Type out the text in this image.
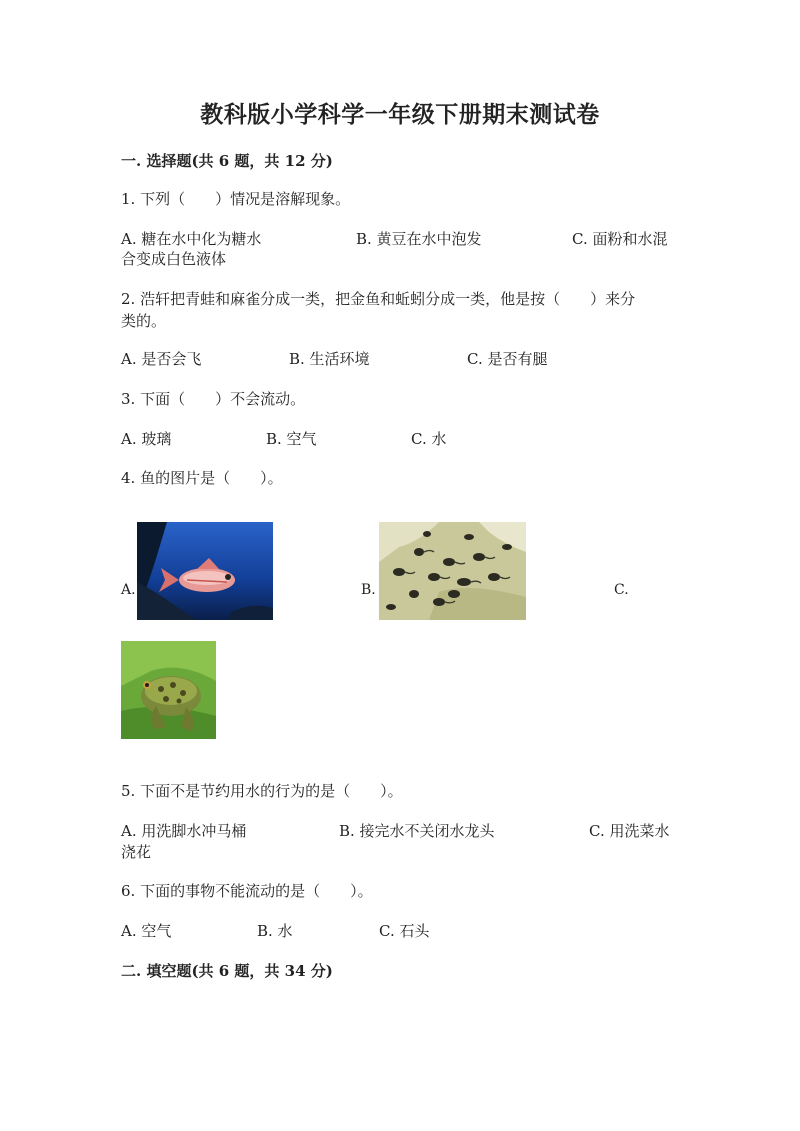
教科版小学科学一年级下册期末测试卷
一. 选择题(共 6 题，共 12 分)
1. 下列（　　）情况是溶解现象。
A. 糖在水中化为糖水	B. 黄豆在水中泡发	C. 面粉和水混
合变成白色液体
2. 浩轩把青蛙和麻雀分成一类，把金鱼和蚯蚓分成一类，他是按（　　）来分
类的。
A. 是否会飞	B. 生活环境	C. 是否有腿
3. 下面（　　）不会流动。
A. 玻璃	B. 空气	C. 水
4. 鱼的图片是（　　）。
A.	B.	C.
5. 下面不是节约用水的行为的是（　　）。
A. 用洗脚水冲马桶	B. 接完水不关闭水龙头	C. 用洗菜水
浇花
6. 下面的事物不能流动的是（　　）。
A. 空气	B. 水	C. 石头
二. 填空题(共 6 题，共 34 分)
